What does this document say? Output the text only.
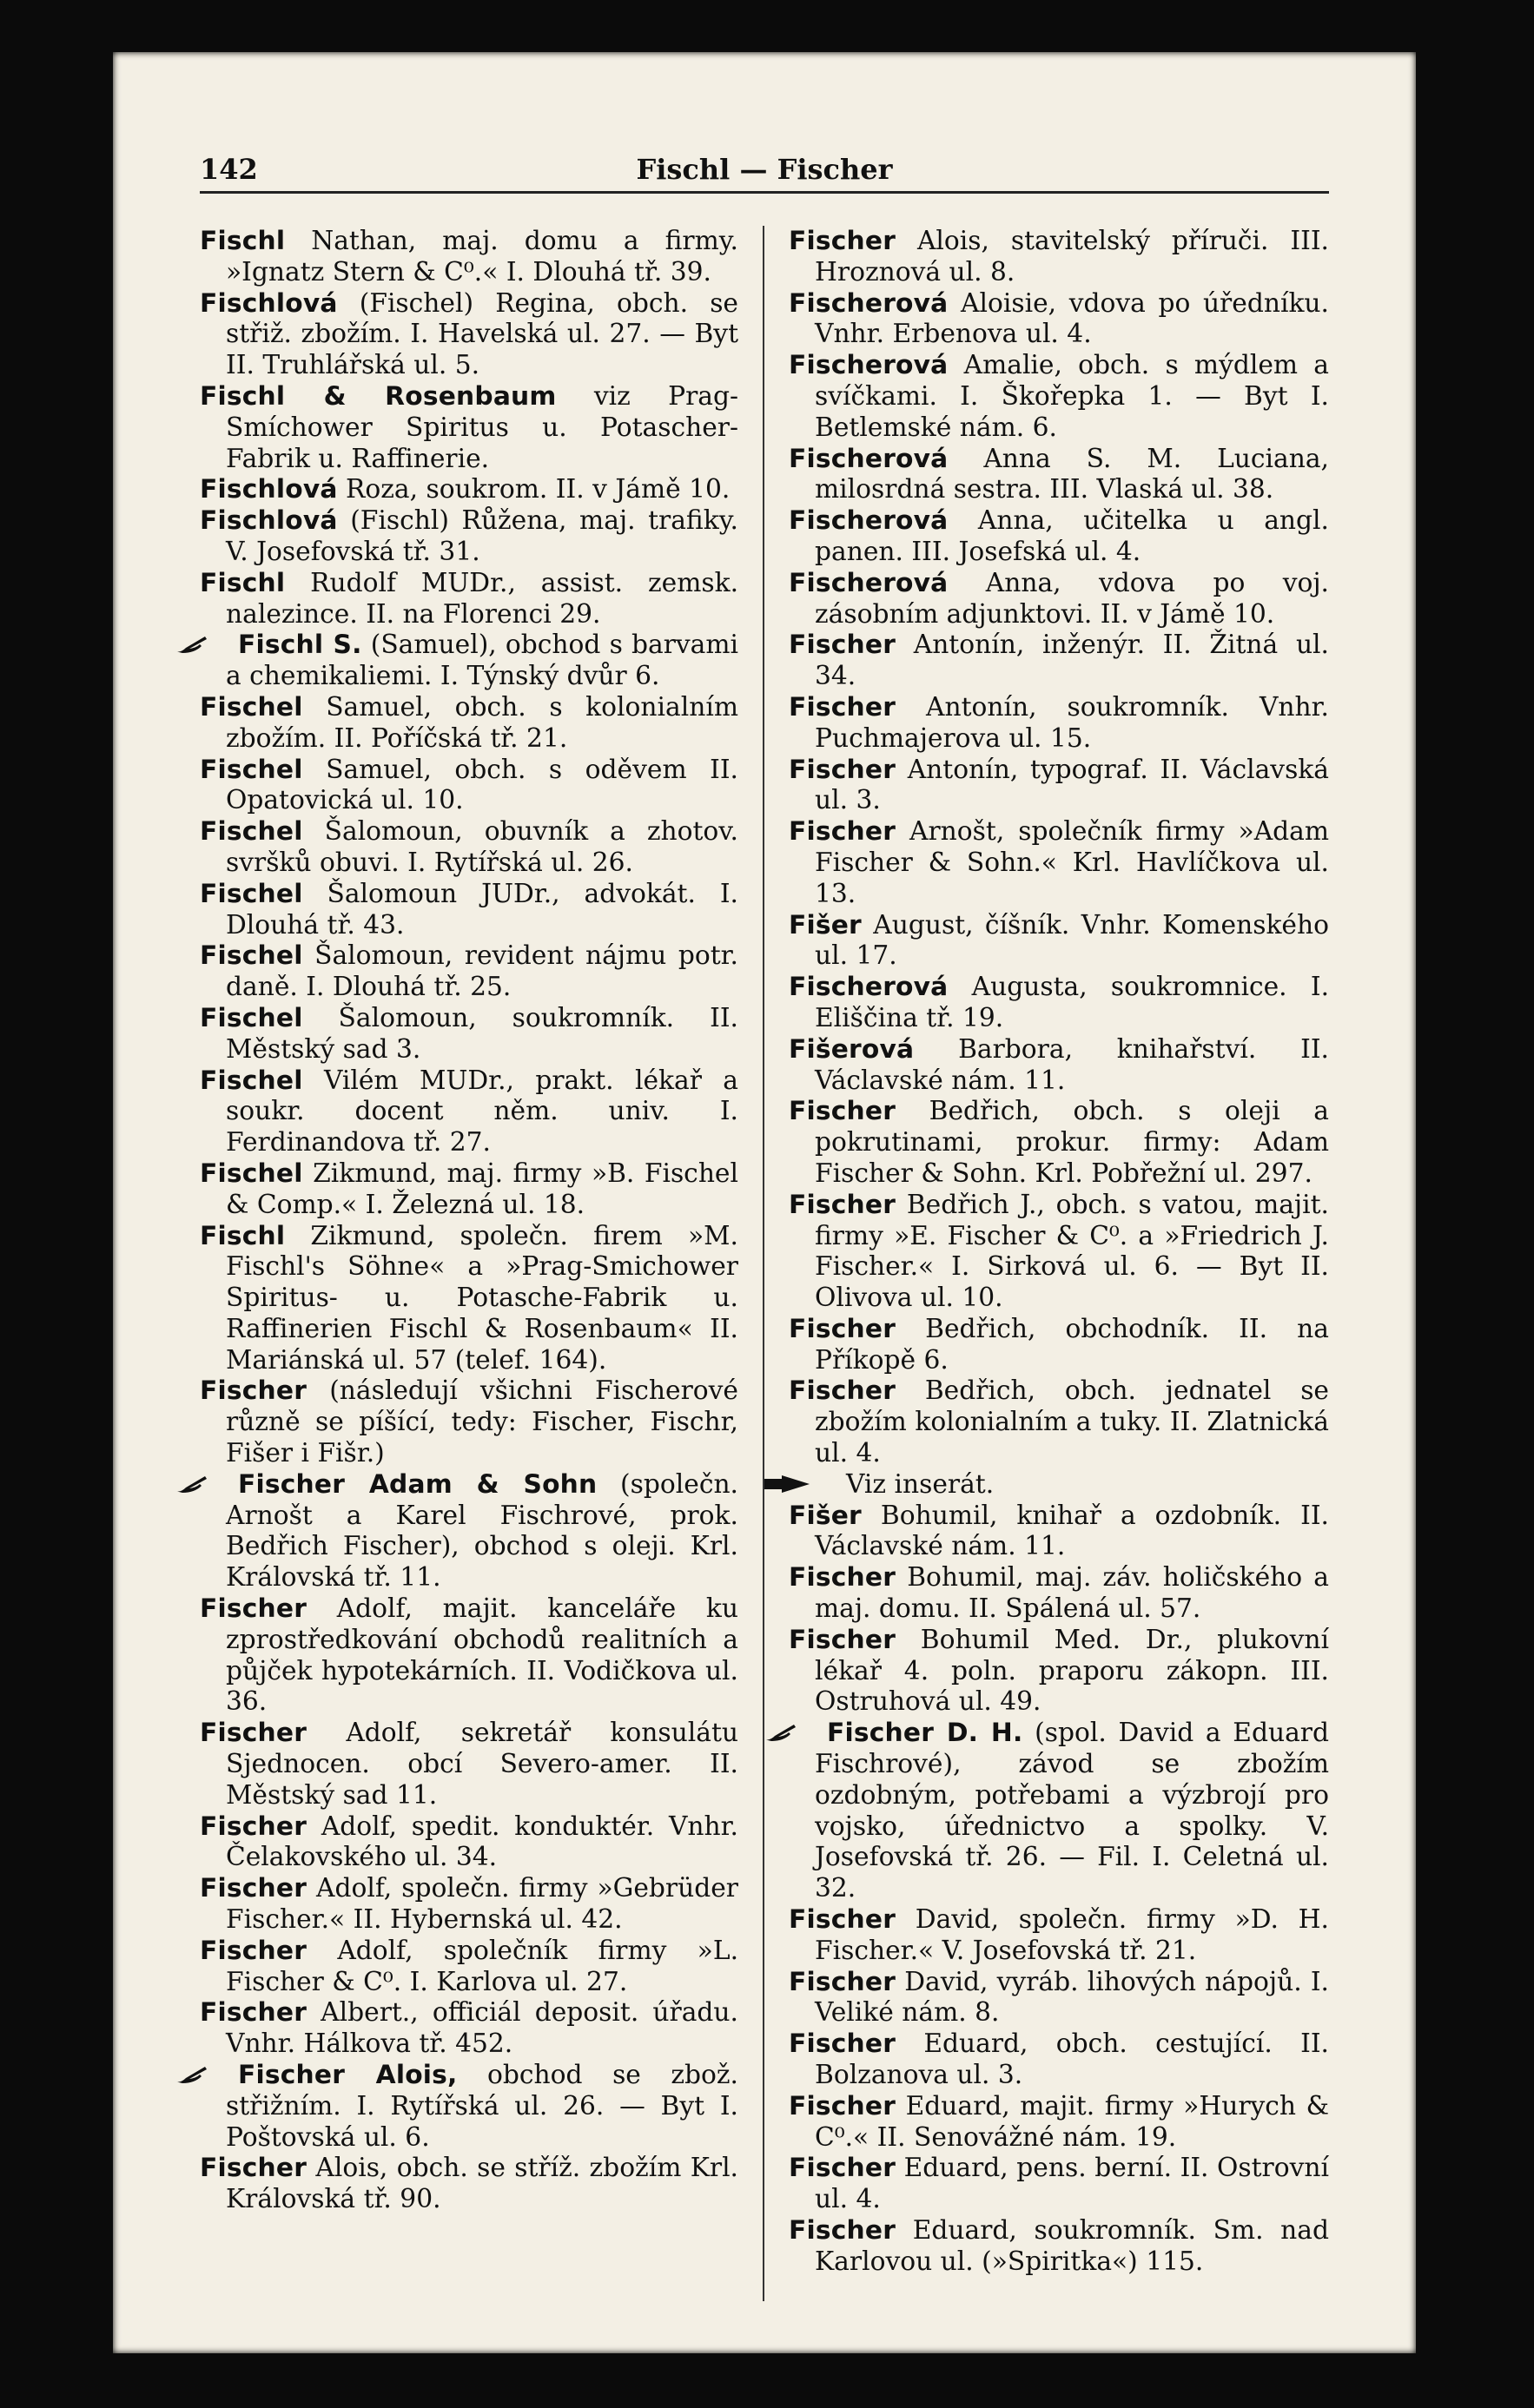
142	Fischl — Fischer

Fischl Nathan, maj. domu a firmy. »Ignatz Stern & C⁰.« I. Dlouhá tř. 39.

Fischlová (Fischel) Regina, obch. se střiž. zbožím. I. Havelská ul. 27. — Byt II. Truhlářská ul. 5.

Fischl & Rosenbaum viz Prag-Smíchower Spiritus u. Potascher-Fabrik u. Raffinerie.

Fischlová Roza, soukrom. II. v Jámě 10.

Fischlová (Fischl) Růžena, maj. trafiky. V. Josefovská tř. 31.

Fischl Rudolf MUDr., assist. zemsk. nalezince. II. na Florenci 29.

Fischl S. (Samuel), obchod s barvami a chemikaliemi. I. Týnský dvůr 6.

Fischel Samuel, obch. s kolonialním zbožím. II. Poříčská tř. 21.

Fischel Samuel, obch. s oděvem II. Opatovická ul. 10.

Fischel Šalomoun, obuvník a zhotov. svršků obuvi. I. Rytířská ul. 26.

Fischel Šalomoun JUDr., advokát. I. Dlouhá tř. 43.

Fischel Šalomoun, revident nájmu potr. daně. I. Dlouhá tř. 25.

Fischel Šalomoun, soukromník. II. Městský sad 3.

Fischel Vilém MUDr., prakt. lékař a soukr. docent něm. univ. I. Ferdinandova tř. 27.

Fischel Zikmund, maj. firmy »B. Fischel & Comp.« I. Železná ul. 18.

Fischl Zikmund, společn. firem »M. Fischl's Söhne« a »Prag-Smichower Spiritus- u. Potasche-Fabrik u. Raffinerien Fischl & Rosenbaum« II. Mariánská ul. 57 (telef. 164).

Fischer (následují všichni Fischerové různě se píšící, tedy: Fischer, Fischr, Fišer i Fišr.)

Fischer Adam & Sohn (společn. Arnošt a Karel Fischrové, prok. Bedřich Fischer), obchod s oleji. Krl. Královská tř. 11.

Fischer Adolf, majit. kanceláře ku zprostředkování obchodů realitních a půjček hypotekárních. II. Vodičkova ul. 36.

Fischer Adolf, sekretář konsulátu Sjednocen. obcí Severo-amer. II. Městský sad 11.

Fischer Adolf, spedit. konduktér. Vnhr. Čelakovského ul. 34.

Fischer Adolf, společn. firmy »Gebrüder Fischer.« II. Hybernská ul. 42.

Fischer Adolf, společník firmy »L. Fischer & C⁰. I. Karlova ul. 27.

Fischer Albert., officiál deposit. úřadu. Vnhr. Hálkova tř. 452.

Fischer Alois, obchod se zbož. střižním. I. Rytířská ul. 26. — Byt I. Poštovská ul. 6.

Fischer Alois, obch. se stříž. zbožím Krl. Královská tř. 90.

Fischer Alois, stavitelský příruči. III. Hroznová ul. 8.

Fischerová Aloisie, vdova po úředníku. Vnhr. Erbenova ul. 4.

Fischerová Amalie, obch. s mýdlem a svíčkami. I. Škořepka 1. — Byt I. Betlemské nám. 6.

Fischerová Anna S. M. Luciana, milosrdná sestra. III. Vlaská ul. 38.

Fischerová Anna, učitelka u angl. panen. III. Josefská ul. 4.

Fischerová Anna, vdova po voj. zásobním adjunktovi. II. v Jámě 10.

Fischer Antonín, inženýr. II. Žitná ul. 34.

Fischer Antonín, soukromník. Vnhr. Puchmajerova ul. 15.

Fischer Antonín, typograf. II. Václavská ul. 3.

Fischer Arnošt, společník firmy »Adam Fischer & Sohn.« Krl. Havlíčkova ul. 13.

Fišer August, číšník. Vnhr. Komenského ul. 17.

Fischerová Augusta, soukromnice. I. Eliščina tř. 19.

Fišerová Barbora, knihařství. II. Václavské nám. 11.

Fischer Bedřich, obch. s oleji a pokrutinami, prokur. firmy: Adam Fischer & Sohn. Krl. Pobřežní ul. 297.

Fischer Bedřich J., obch. s vatou, majit. firmy »E. Fischer & C⁰. a »Friedrich J. Fischer.« I. Sirková ul. 6. — Byt II. Olivova ul. 10.

Fischer Bedřich, obchodník. II. na Příkopě 6.

Fischer Bedřich, obch. jednatel se zbožím kolonialním a tuky. II. Zlatnická ul. 4.

Viz inserát.

Fišer Bohumil, knihař a ozdobník. II. Václavské nám. 11.

Fischer Bohumil, maj. záv. holičského a maj. domu. II. Spálená ul. 57.

Fischer Bohumil Med. Dr., plukovní lékař 4. poln. praporu zákopn. III. Ostruhová ul. 49.

Fischer D. H. (spol. David a Eduard Fischrové), závod se zbožím ozdobným, potřebami a výzbrojí pro vojsko, úřednictvo a spolky. V. Josefovská tř. 26. — Fil. I. Celetná ul. 32.

Fischer David, společn. firmy »D. H. Fischer.« V. Josefovská tř. 21.

Fischer David, vyráb. lihových nápojů. I. Veliké nám. 8.

Fischer Eduard, obch. cestující. II. Bolzanova ul. 3.

Fischer Eduard, majit. firmy »Hurych & C⁰.« II. Senovážné nám. 19.

Fischer Eduard, pens. berní. II. Ostrovní ul. 4.

Fischer Eduard, soukromník. Sm. nad Karlovou ul. (»Spiritka«) 115.
